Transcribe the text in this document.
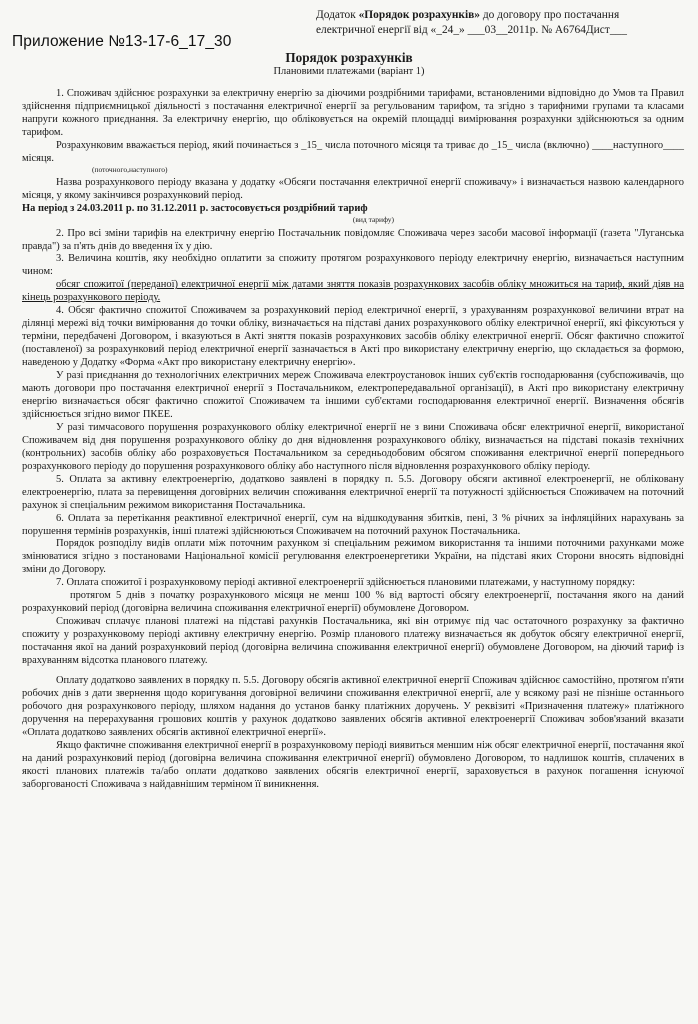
Приложение №13-17-6_17_30
Додаток «Порядок розрахунків» до договору про постачання
електричної енергії від «_24_» ___03__2011р. № А6764Дист___
Порядок розрахунків
Плановими платежами (варіант 1)

1. Споживач здійснює розрахунки за електричну енергію за діючими роздрібними тарифами, встановленими відповідно до Умов та Правил здійснення підприємницької діяльності з постачання електричної енергії за регульованим тарифом, та згідно з тарифними групами та класами напруги кожного приєднання. За електричну енергію, що обліковується на окремій площадці вимірювання розрахунки здійснюються за одним тарифом.

Розрахунковим вважається період, який починається з _15_ числа поточного місяця та триває до _15_ числа (включно) ____наступного____ місяця.

(поточного,наступного)

Назва розрахункового періоду вказана у додатку «Обсяги постачання електричної енергії споживачу» і визначається назвою календарного місяця, у якому закінчився розрахунковий період.

На період з 24.03.2011 р. по 31.12.2011 р. застосовується роздрібний тариф

(вид тарифу)

2. Про всі зміни тарифів на електричну енергію Постачальник повідомляє Споживача через засоби масової інформації (газета "Луганська правда") за п'ять днів до введення їх у дію.

3. Величина коштів, яку необхідно оплатити за спожиту протягом розрахункового періоду електричну енергію, визначається наступним чином:

обсяг спожитої (переданої) електричної енергії між датами зняття показів розрахункових засобів обліку множиться на тариф, який діяв на кінець розрахункового періоду.

4. Обсяг фактично спожитої Споживачем за розрахунковий період електричної енергії, з урахуванням розрахункової величини втрат на ділянці мережі від точки вимірювання до точки обліку, визначається на підставі даних розрахункового обліку електричної енергії, які фіксуються у терміни, передбачені Договором, і вказуються в Акті зняття показів розрахункових засобів обліку електричної енергії. Обсяг фактично спожитої (поставленої) за розрахунковий період електричної енергії зазначається в Акті про використану електричну енергію, що складається за формою, наведеною у Додатку «Форма «Акт про використану електричну енергію».

У разі приєднання до технологічних електричних мереж Споживача електроустановок інших суб'єктів господарювання (субспоживачів, що мають договори про постачання електричної енергії з Постачальником, електропередавальної організації), в Акті про використану електричну енергію визначається обсяг фактично спожитої Споживачем та іншими суб'єктами господарювання електричної енергії. Визначення обсягів здійснюється згідно вимог ПКЕЕ.

У разі тимчасового порушення розрахункового обліку електричної енергії не з вини Споживача обсяг електричної енергії, використаної Споживачем від дня порушення розрахункового обліку до дня відновлення розрахункового обліку, визначається на підставі показів технічних (контрольних) засобів обліку або розраховується Постачальником за середньодобовим обсягом споживання електричної енергії попереднього розрахункового періоду до порушення розрахункового обліку або наступного після відновлення розрахункового обліку періоду.

5. Оплата за активну електроенергію, додатково заявлені в порядку п. 5.5. Договору обсяги активної електроенергії, не обліковану електроенергію, плата за перевищення договірних величин споживання електричної енергії та потужності здійснюється Споживачем на поточний рахунок зі спеціальним режимом використання Постачальника.

6. Оплата за перетікання реактивної електричної енергії, сум на відшкодування збитків, пені, 3 % річних за інфляційних нарахувань за порушення термінів розрахунків, інші платежі здійснюються Споживачем на поточний рахунок Постачальника.

Порядок розподілу видів оплати між поточним рахунком зі спеціальним режимом використання та іншими поточними рахунками може змінюватися згідно з постановами Національної комісії регулювання електроенергетики України, на підставі яких Сторони вносять відповідні зміни до Договору.

7. Оплата спожитої і розрахунковому періоді активної електроенергії здійснюється плановими платежами, у наступному порядку:

протягом 5 днів з початку розрахункового місяця не менш 100 % від вартості обсягу електроенергії, постачання якого на даний розрахунковий період (договірна величина споживання електричної енергії) обумовлене Договором.

Споживач сплачує планові платежі на підставі рахунків Постачальника, які він отримує під час остаточного розрахунку за фактично спожиту у розрахунковому періоді активну електричну енергію. Розмір планового платежу визначається як добуток обсягу електричної енергії, постачання якої на даний розрахунковий період (договірна величина споживання електричної енергії) обумовлене Договором, на діючий тариф із врахуванням відсотка планового платежу.

Оплату додатково заявлених в порядку п. 5.5. Договору обсягів активної електричної енергії Споживач здійснює самостійно, протягом п'яти робочих днів з дати звернення щодо коригування договірної величини споживання електричної енергії, але у всякому разі не пізніше останнього робочого дня розрахункового періоду, шляхом надання до установ банку платіжних доручень. У реквізиті «Призначення платежу» платіжного доручення на перерахування грошових коштів у рахунок додатково заявлених обсягів активної електроенергії Споживач зобов'язаний вказати «Оплата додатково заявлених обсягів активної електричної енергії».

Якщо фактичне споживання електричної енергії в розрахунковому періоді виявиться меншим ніж обсяг електричної енергії, постачання якої на даний розрахунковий період (договірна величина споживання електричної енергії) обумовлено Договором, то надлишок коштів, сплачених в якості планових платежів та/або оплати додатково заявлених обсягів електричної енергії, зараховується в рахунок погашення існуючої заборгованості Споживача з найдавнішим терміном її виникнення.
